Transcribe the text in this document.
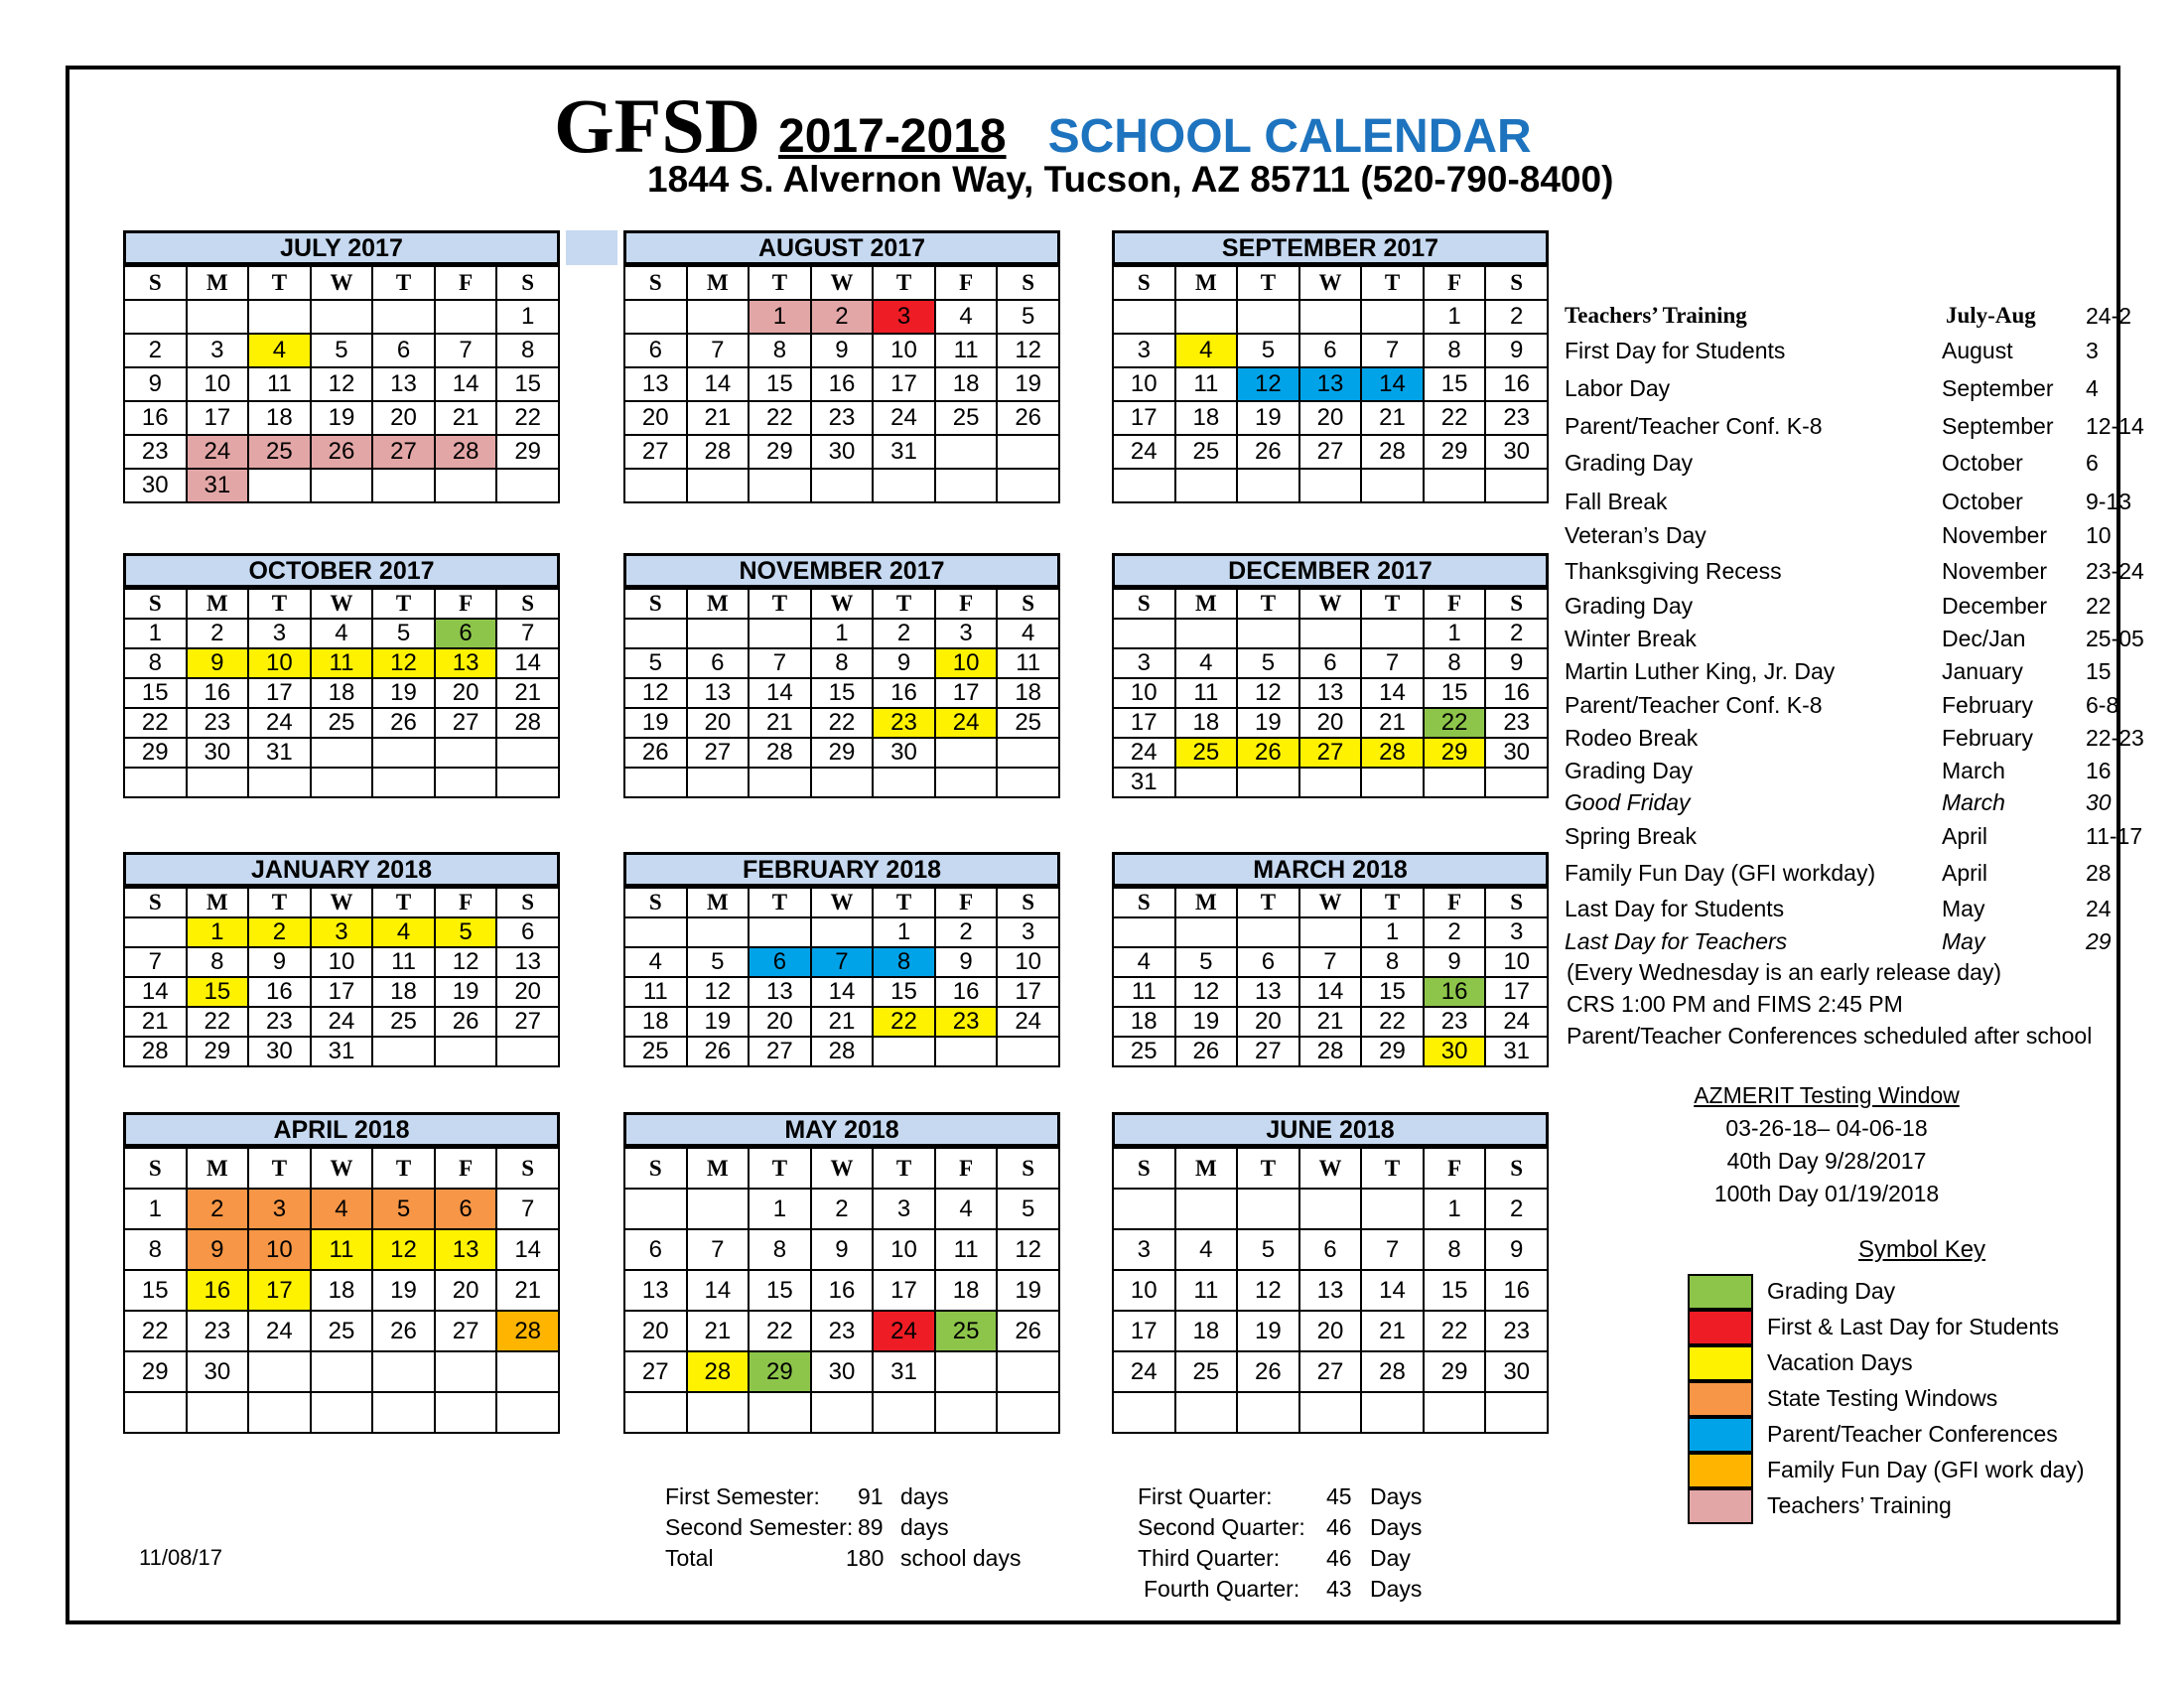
GFSD 2017-2018 SCHOOL CALENDAR
1844 S. Alvernon Way, Tucson, AZ 85711 (520-790-8400)
JULY 2017
S	M	T	W	T	F	S
						1
2	3	4	5	6	7	8
9	10	11	12	13	14	15
16	17	18	19	20	21	22
23	24	25	26	27	28	29
30	31					
AUGUST 2017
S	M	T	W	T	F	S
		1	2	3	4	5
6	7	8	9	10	11	12
13	14	15	16	17	18	19
20	21	22	23	24	25	26
27	28	29	30	31		

SEPTEMBER 2017
S	M	T	W	T	F	S
					1	2
3	4	5	6	7	8	9
10	11	12	13	14	15	16
17	18	19	20	21	22	23
24	25	26	27	28	29	30

OCTOBER 2017
S	M	T	W	T	F	S
1	2	3	4	5	6	7
8	9	10	11	12	13	14
15	16	17	18	19	20	21
22	23	24	25	26	27	28
29	30	31				

NOVEMBER 2017
S	M	T	W	T	F	S
			1	2	3	4
5	6	7	8	9	10	11
12	13	14	15	16	17	18
19	20	21	22	23	24	25
26	27	28	29	30		

DECEMBER 2017
S	M	T	W	T	F	S
					1	2
3	4	5	6	7	8	9
10	11	12	13	14	15	16
17	18	19	20	21	22	23
24	25	26	27	28	29	30
31						
JANUARY 2018
S	M	T	W	T	F	S
	1	2	3	4	5	6
7	8	9	10	11	12	13
14	15	16	17	18	19	20
21	22	23	24	25	26	27
28	29	30	31			
FEBRUARY 2018
S	M	T	W	T	F	S
				1	2	3
4	5	6	7	8	9	10
11	12	13	14	15	16	17
18	19	20	21	22	23	24
25	26	27	28			
MARCH 2018
S	M	T	W	T	F	S
				1	2	3
4	5	6	7	8	9	10
11	12	13	14	15	16	17
18	19	20	21	22	23	24
25	26	27	28	29	30	31
APRIL 2018
S	M	T	W	T	F	S
1	2	3	4	5	6	7
8	9	10	11	12	13	14
15	16	17	18	19	20	21
22	23	24	25	26	27	28
29	30					

MAY 2018
S	M	T	W	T	F	S
		1	2	3	4	5
6	7	8	9	10	11	12
13	14	15	16	17	18	19
20	21	22	23	24	25	26
27	28	29	30	31		

JUNE 2018
S	M	T	W	T	F	S
					1	2
3	4	5	6	7	8	9
10	11	12	13	14	15	16
17	18	19	20	21	22	23
24	25	26	27	28	29	30

Teachers’ Training	July-Aug 24-2
First Day for Students	August	3
Labor Day	September 4
Parent/Teacher Conf. K-8	September 12-14
Grading Day	October	6
Fall Break	October	9-13
Veteran’s Day	November 10
Thanksgiving Recess	November 23-24
Grading Day	December 22
Winter Break	Dec/Jan	25-05
Martin Luther King, Jr. Day	January	15
Parent/Teacher Conf. K-8	February 6-8
Rodeo Break	February 22-23
Grading Day	March	16
Good Friday	March	30
Spring Break	April	11-17
Family Fun Day (GFI workday)	April	28
Last Day for Students	May	24
Last Day for Teachers	May	29
(Every Wednesday is an early release day)
CRS 1:00 PM and FIMS 2:45 PM
Parent/Teacher Conferences scheduled after school
AZMERIT Testing Window
03-26-18– 04-06-18
40th Day 9/28/2017
100th Day 01/19/2018
Symbol Key
Grading Day
First & Last Day for Students
Vacation Days
State Testing Windows
Parent/Teacher Conferences
Family Fun Day (GFI work day)
Teachers’ Training
First Semester: 91 days
Second Semester: 89 days
Total	180 school days
First Quarter: 45 Days
Second Quarter: 46 Days
Third Quarter: 46 Day
Fourth Quarter: 43 Days
11/08/17
